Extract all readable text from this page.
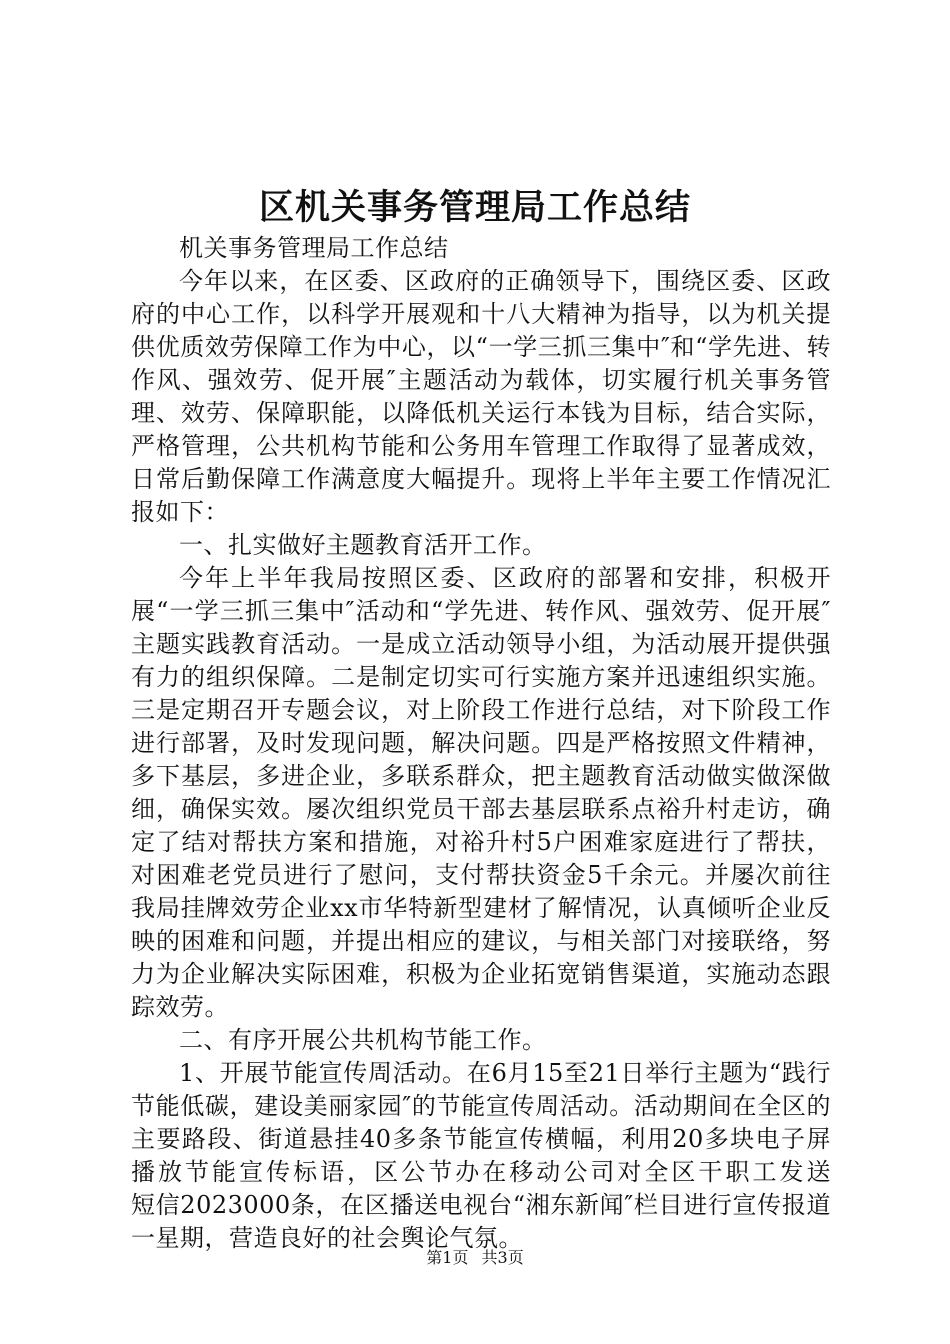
区机关事务管理局工作总结

机关事务管理局工作总结

今年以来，在区委、区政府的正确领导下，围绕区委、区政府的中心工作，以科学开展观和十八大精神为指导，以为机关提供优质效劳保障工作为中心，以“一学三抓三集中″和“学先进、转作风、强效劳、促开展″主题活动为载体，切实履行机关事务管理、效劳、保障职能，以降低机关运行本钱为目标，结合实际，严格管理，公共机构节能和公务用车管理工作取得了显著成效，日常后勤保障工作满意度大幅提升。现将上半年主要工作情况汇报如下：

一、扎实做好主题教育活开工作。

今年上半年我局按照区委、区政府的部署和安排，积极开展“一学三抓三集中″活动和“学先进、转作风、强效劳、促开展″主题实践教育活动。一是成立活动领导小组，为活动展开提供强有力的组织保障。二是制定切实可行实施方案并迅速组织实施。三是定期召开专题会议，对上阶段工作进行总结，对下阶段工作进行部署，及时发现问题，解决问题。四是严格按照文件精神，多下基层，多进企业，多联系群众，把主题教育活动做实做深做细，确保实效。屡次组织党员干部去基层联系点裕升村走访，确定了结对帮扶方案和措施，对裕升村5户困难家庭进行了帮扶，对困难老党员进行了慰问，支付帮扶资金5千余元。并屡次前往我局挂牌效劳企业xx市华特新型建材了解情况，认真倾听企业反映的困难和问题，并提出相应的建议，与相关部门对接联络，努力为企业解决实际困难，积极为企业拓宽销售渠道，实施动态跟踪效劳。

二、有序开展公共机构节能工作。

1、开展节能宣传周活动。在6月15至21日举行主题为“践行节能低碳，建设美丽家园″的节能宣传周活动。活动期间在全区的主要路段、街道悬挂40多条节能宣传横幅，利用20多块电子屏播放节能宣传标语，区公节办在移动公司对全区干职工发送　　短信2023000条，在区播送电视台“湘东新闻″栏目进行宣传报道一星期，营造良好的社会舆论气氛。

第1页 共3页
